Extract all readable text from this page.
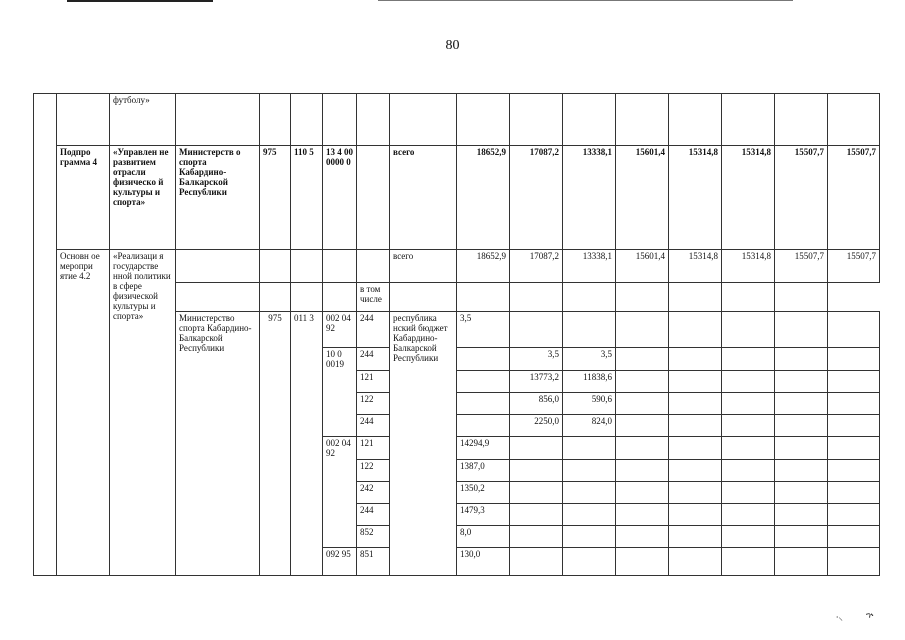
80
		футболу»														
	Подпро грамма 4	«Управлен не развитием отрасли физическо й культуры и спорта»	Министерств о спорта Кабардино-Балкарской Республики	975	110 5	13 4 00 0000 0		всего	18652,9	17087,2	13338,1	15601,4	15314,8	15314,8	15507,7	15507,7
	Основн ое меропри ятие 4.2	«Реализаци я государстве нной политики в сфере физической культуры и спорта»						всего	18652,9	17087,2	13338,1	15601,4	15314,8	15314,8	15507,7	15507,7
							в том числе									
			Министерство спорта Кабардино-Балкарской Республики	975	011 3	002 04 92	244	республика нский бюджет Кабардино-Балкарской Республики	3,5							
						10 0 0019	244			3,5	3,5					
							121			13773,2	11838,6					
							122			856,0	590,6					
							244			2250,0	824,0					
						002 04 92	121		14294,9							
							122		1387,0							
							242		1350,2							
							244		1479,3							
							852		8,0							
						092 95	851		130,0							
⸱⸜	ኍ
